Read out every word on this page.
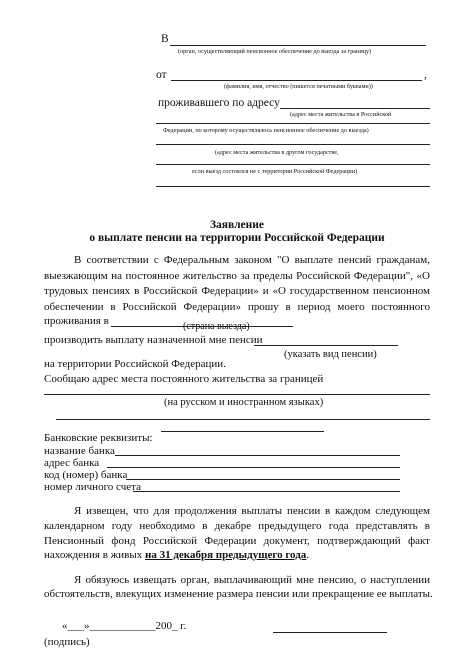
В
(орган, осуществляющий пенсионное обеспечение до выезда за границу)
от	,
(фамилия, имя, отчество (пишется печатными буквами))
проживавшего по адресу
(адрес места жительства в Российской
Федерации, по которому осуществлялось пенсионное обеспечение до выезда)
(адрес места жительства в другом государстве,
если выезд состоялся не с территории Российской Федерации)
Заявление
о выплате пенсии на территории Российской Федерации
В соответствии с Федеральным законом "О выплате пенсий гражданам,
выезжающим на постоянное жительство за пределы Российской Федерации", «О
трудовых пенсиях в Российской Федерации» и «О государственном пенсионном
обеспечении в Российской Федерации» прошу в период моего постоянного
проживания в	(страна выезда)
производить выплату назначенной мне пенсии
(указать вид пенсии)
на территории Российской Федерации.
Сообщаю адрес места постоянного жительства за границей
(на русском и иностранном языках)
Банковские реквизиты:
название банка
адрес банка
код (номер) банка
номер личного счета
Я извещен, что для продолжения выплаты пенсии в каждом следующем
календарном году необходимо в декабре предыдущего года представлять в
Пенсионный фонд Российской Федерации документ, подтверждающий факт
нахождения в живых на 31 декабря предыдущего года.
Я обязуюсь извещать орган, выплачивающий мне пенсию, о наступлении
обстоятельств, влекущих изменение размера пенсии или прекращение ее выплаты.
«___»____________200_ г.
(подпись)
